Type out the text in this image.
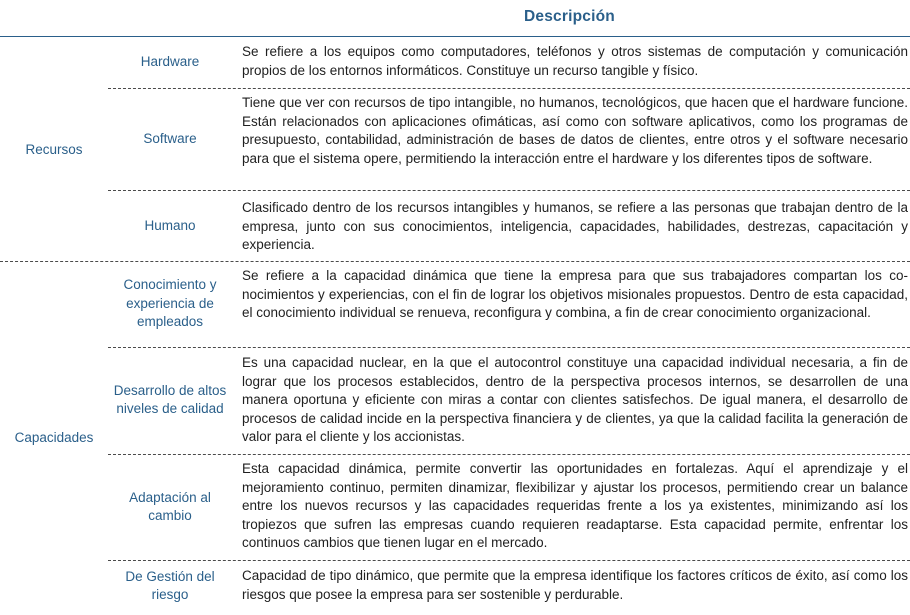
Descripción
Recursos
Hardware
Se refiere a los equipos como computadores, teléfonos y otros sistemas de computación y comunicación propios de los entornos informáticos. Constituye un recurso tangible y físico.
Software
Tiene que ver con recursos de tipo intangible, no humanos, tecnológicos, que hacen que el hardware funcione. Están relacionados con aplicaciones ofimáticas, así como con software aplicativos, como los programas de presupuesto, contabilidad, administración de bases de datos de clientes, entre otros y el software necesario para que el sistema opere, permitiendo la interacción entre el hardware y los diferentes tipos de software.
Humano
Clasificado dentro de los recursos intangibles y humanos, se refiere a las personas que trabajan dentro de la empresa, junto con sus conocimientos, inteligencia, capacidades, habilidades, destrezas, capacitación y experiencia.
Capacidades
Conocimiento y experiencia de empleados
Se refiere a la capacidad dinámica que tiene la empresa para que sus trabajadores compartan los conocimientos y experiencias, con el fin de lograr los objetivos misionales propuestos. Dentro de esta capacidad, el conocimiento individual se renueva, reconfigura y combina, a fin de crear conocimiento organizacional.
Desarrollo de altos niveles de calidad
Es una capacidad nuclear, en la que el autocontrol constituye una capacidad individual necesaria, a fin de lograr que los procesos establecidos, dentro de la perspectiva procesos internos, se desarrollen de una manera oportuna y eficiente con miras a contar con clientes satisfechos. De igual manera, el desarrollo de procesos de calidad incide en la perspectiva financiera y de clientes, ya que la calidad facilita la generación de valor para el cliente y los accionistas.
Adaptación al cambio
Esta capacidad dinámica, permite convertir las oportunidades en fortalezas. Aquí el aprendizaje y el mejoramiento continuo, permiten dinamizar, flexibilizar y ajustar los procesos, permitiendo crear un balance entre los nuevos recursos y las capacidades requeridas frente a los ya existentes, minimizando así los tropiezos que sufren las empresas cuando requieren readaptarse. Esta capacidad permite, enfrentar los continuos cambios que tienen lugar en el mercado.
De Gestión del riesgo
Capacidad de tipo dinámico, que permite que la empresa identifique los factores críticos de éxito, así como los riesgos que posee la empresa para ser sostenible y perdurable.
